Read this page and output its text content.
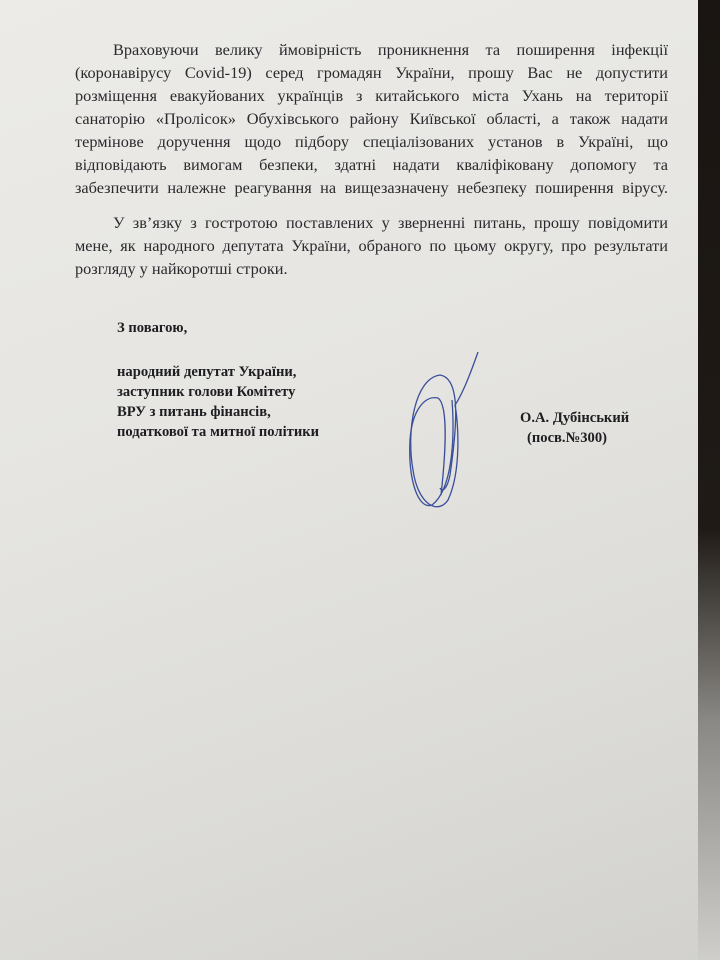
Враховуючи велику ймовірність проникнення та поширення інфекції
(коронавірусу Covid-19) серед громадян України, прошу Вас не допустити
розміщення евакуйованих українців з китайського міста Ухань на території
санаторію «Пролісок» Обухівського району Київської області, а також надати
термінове доручення щодо підбору спеціалізованих установ в Україні, що
відповідають вимогам безпеки, здатні надати кваліфіковану допомогу та
забезпечити належне реагування на вищезазначену небезпеку поширення вірусу.
У зв’язку з гостротою поставлених у зверненні питань, прошу повідомити
мене, як народного депутата України, обраного по цьому округу, про результати
розгляду у найкоротші строки.
З повагою,
народний депутат України,
заступник голови Комітету
ВРУ з питань фінансів,
податкової та митної політики
О.А. Дубінський
(посв.№300)
